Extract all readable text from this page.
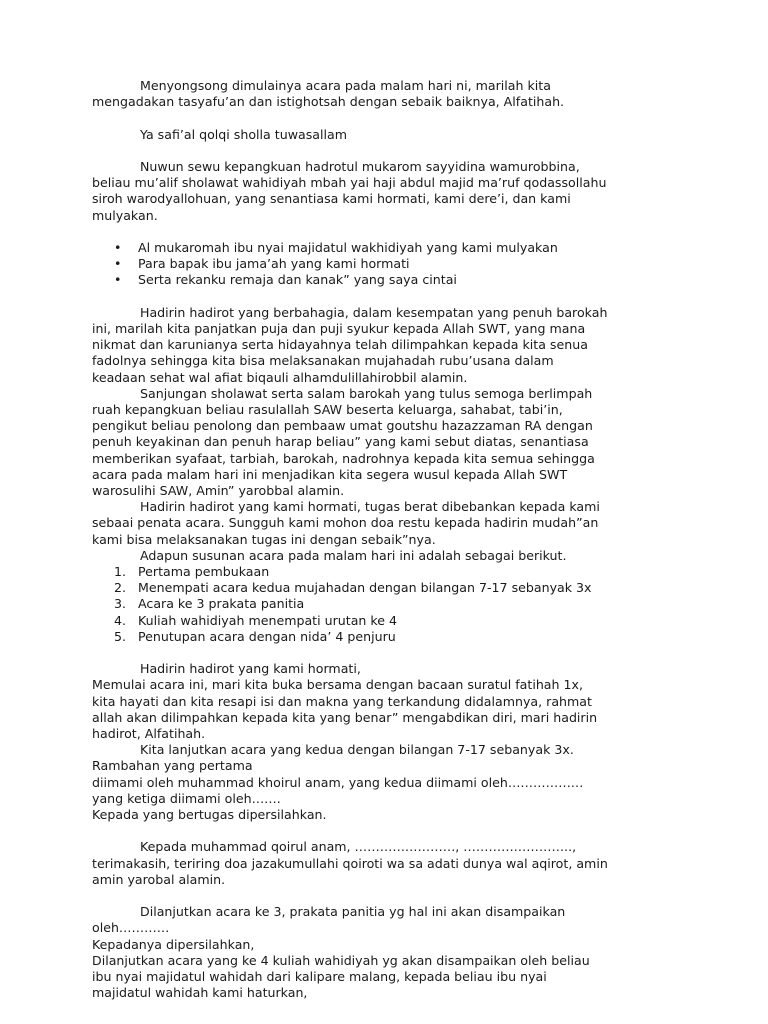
Menyongsong dimulainya acara pada malam hari ni, marilah kita
mengadakan tasyafu’an dan istighotsah dengan sebaik baiknya, Alfatihah.

Ya safi’al qolqi sholla tuwasallam

Nuwun sewu kepangkuan hadrotul mukarom sayyidina wamurobbina,
beliau mu’alif sholawat wahidiyah mbah yai haji abdul majid ma’ruf qodassollahu
siroh warodyallohuan, yang senantiasa kami hormati, kami dere’i, dan kami
mulyakan.

• Al mukaromah ibu nyai majidatul wakhidiyah yang kami mulyakan
• Para bapak ibu jama’ah yang kami hormati
• Serta rekanku remaja dan kanak” yang saya cintai

Hadirin hadirot yang berbahagia, dalam kesempatan yang penuh barokah
ini, marilah kita panjatkan puja dan puji syukur kepada Allah SWT, yang mana
nikmat dan karunianya serta hidayahnya telah dilimpahkan kepada kita senua
fadolnya sehingga kita bisa melaksanakan mujahadah rubu’usana dalam
keadaan sehat wal afiat biqauli alhamdulillahirobbil alamin.

Sanjungan sholawat serta salam barokah yang tulus semoga berlimpah
ruah kepangkuan beliau rasulallah SAW beserta keluarga, sahabat, tabi’in,
pengikut beliau penolong dan pembaaw umat goutshu hazazzaman RA dengan
penuh keyakinan dan penuh harap beliau” yang kami sebut diatas, senantiasa
memberikan syafaat, tarbiah, barokah, nadrohnya kepada kita semua sehingga
acara pada malam hari ini menjadikan kita segera wusul kepada Allah SWT
warosulihi SAW, Amin” yarobbal alamin.

Hadirin hadirot yang kami hormati, tugas berat dibebankan kepada kami
sebaai penata acara. Sungguh kami mohon doa restu kepada hadirin mudah”an
kami bisa melaksanakan tugas ini dengan sebaik”nya.

Adapun susunan acara pada malam hari ini adalah sebagai berikut.

1. Pertama pembukaan
2. Menempati acara kedua mujahadan dengan bilangan 7-17 sebanyak 3x
3. Acara ke 3 prakata panitia
4. Kuliah wahidiyah menempati urutan ke 4
5. Penutupan acara dengan nida’ 4 penjuru

Hadirin hadirot yang kami hormati,

Memulai acara ini, mari kita buka bersama dengan bacaan suratul fatihah 1x,
kita hayati dan kita resapi isi dan makna yang terkandung didalamnya, rahmat
allah akan dilimpahkan kepada kita yang benar” mengabdikan diri, mari hadirin
hadirot, Alfatihah.

Kita lanjutkan acara yang kedua dengan bilangan 7-17 sebanyak 3x.

Rambahan yang pertama
diimami oleh muhammad khoirul anam, yang kedua diimami oleh………………
yang ketiga diimami oleh…….
Kepada yang bertugas dipersilahkan.

Kepada muhammad qoirul anam, ……………………, ……………………..,
terimakasih, teriring doa jazakumullahi qoiroti wa sa adati dunya wal aqirot, amin
amin yarobal alamin.

Dilanjutkan acara ke 3, prakata panitia yg hal ini akan disampaikan
oleh…………

Kepadanya dipersilahkan,
Dilanjutkan acara yang ke 4 kuliah wahidiyah yg akan disampaikan oleh beliau
ibu nyai majidatul wahidah dari kalipare malang, kepada beliau ibu nyai
majidatul wahidah kami haturkan,
